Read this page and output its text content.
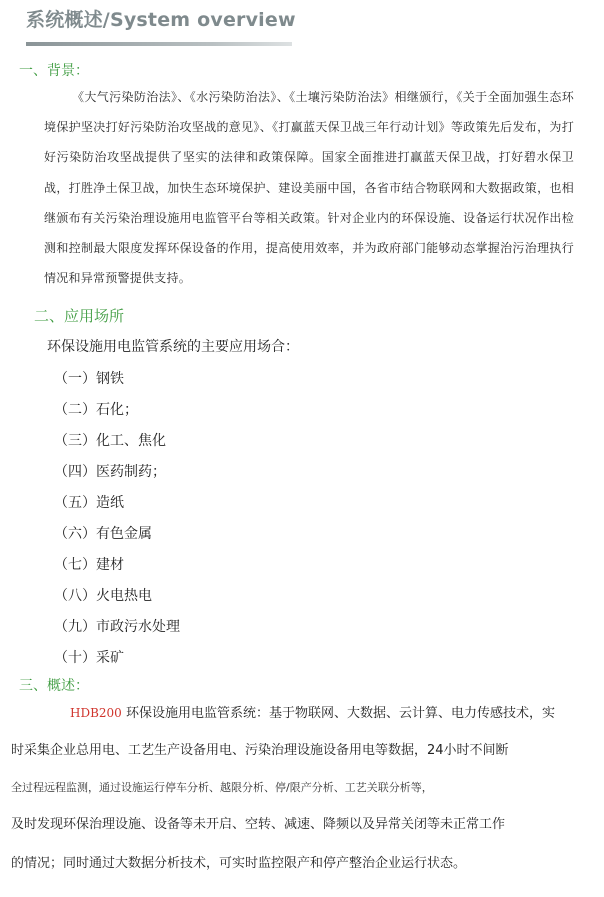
系统概述/System overview
一、背景：
《大气污染防治法》、《水污染防治法》、《土壤污染防治法》相继颁行，《关于全面加强生态环境保护坚决打好污染防治攻坚战的意见》、《打赢蓝天保卫战三年行动计划》等政策先后发布，为打好污染防治攻坚战提供了坚实的法律和政策保障。国家全面推进打赢蓝天保卫战，打好碧水保卫战，打胜净土保卫战，加快生态环境保护、建设美丽中国，各省市结合物联网和大数据政策，也相继颁布有关污染治理设施用电监管平台等相关政策。针对企业内的环保设施、设备运行状况作出检测和控制最大限度发挥环保设备的作用，提高使用效率，并为政府部门能够动态掌握治污治理执行情况和异常预警提供支持。
二、应用场所
环保设施用电监管系统的主要应用场合：
（一）钢铁
（二）石化；
（三）化工、焦化
（四）医药制药；
（五）造纸
（六）有色金属
（七）建材
（八）火电热电
（九）市政污水处理
（十）采矿
三、概述：
HDB200 环保设施用电监管系统：基于物联网、大数据、云计算、电力传感技术，实
时采集企业总用电、工艺生产设备用电、污染治理设施设备用电等数据，24小时不间断
全过程远程监测，通过设施运行停车分析、越限分析、停/限产分析、工艺关联分析等，
及时发现环保治理设施、设备等未开启、空转、减速、降频以及异常关闭等未正常工作
的情况；同时通过大数据分析技术，可实时监控限产和停产整治企业运行状态。
